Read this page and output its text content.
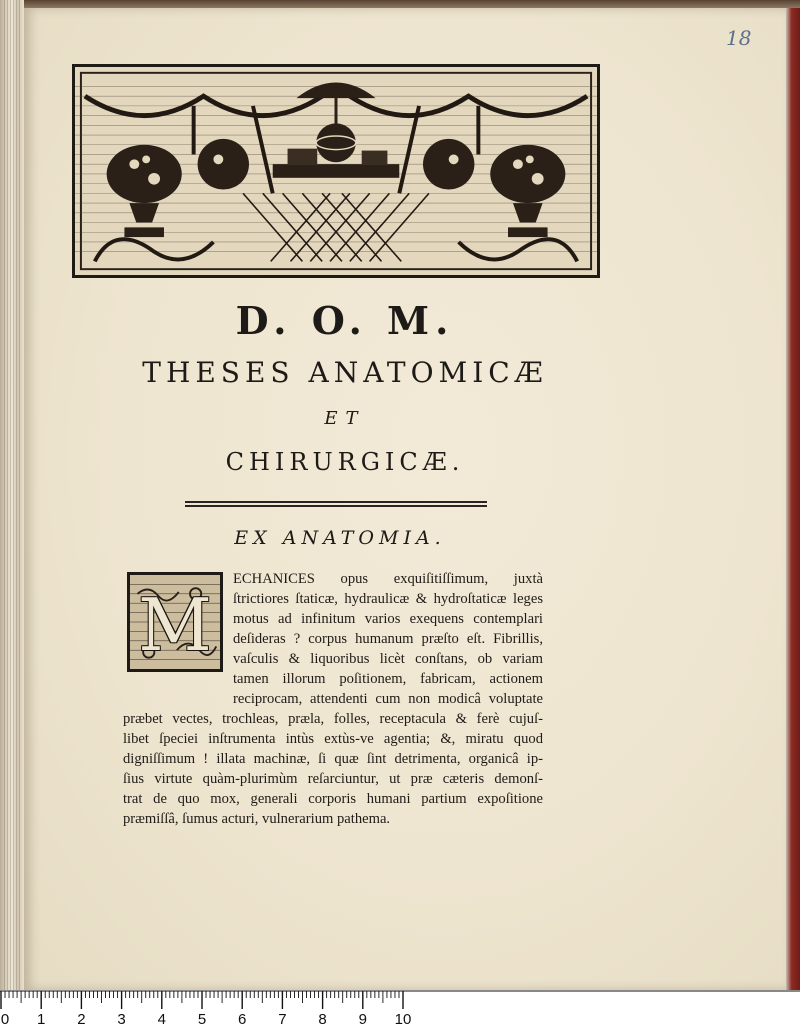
18
D. O. M.
THESES ANATOMICÆ
ET
CHIRURGICÆ.
EX ANATOMIA.
M
ECHANICES opus exquiſitiſſimum, juxtà
ſtrictiores ſtaticæ, hydraulicæ & hydroſtaticæ leges
motus ad infinitum varios exequens contemplari
deſideras ? corpus humanum præſto eſt. Fibrillis,
vaſculis & liquoribus licèt conſtans, ob variam
tamen illorum poſitionem, fabricam, actionem
reciprocam, attendenti cum non modicâ voluptate
præbet vectes, trochleas, præla, folles, receptacula & ferè cujuſ-
libet ſpeciei inſtrumenta intùs extùs-ve agentia; &, miratu quod
digniſſimum ! illata machinæ, ſi quæ ſint detrimenta, organicâ ip-
ſius virtute quàm-plurimùm reſarciuntur, ut præ cæteris demonſ-
trat de quo mox, generali corporis humani partium expoſitione
præmiſſâ, ſumus acturi, vulnerarium pathema.
0 1 2 3 4 5 6 7 8 9 10
